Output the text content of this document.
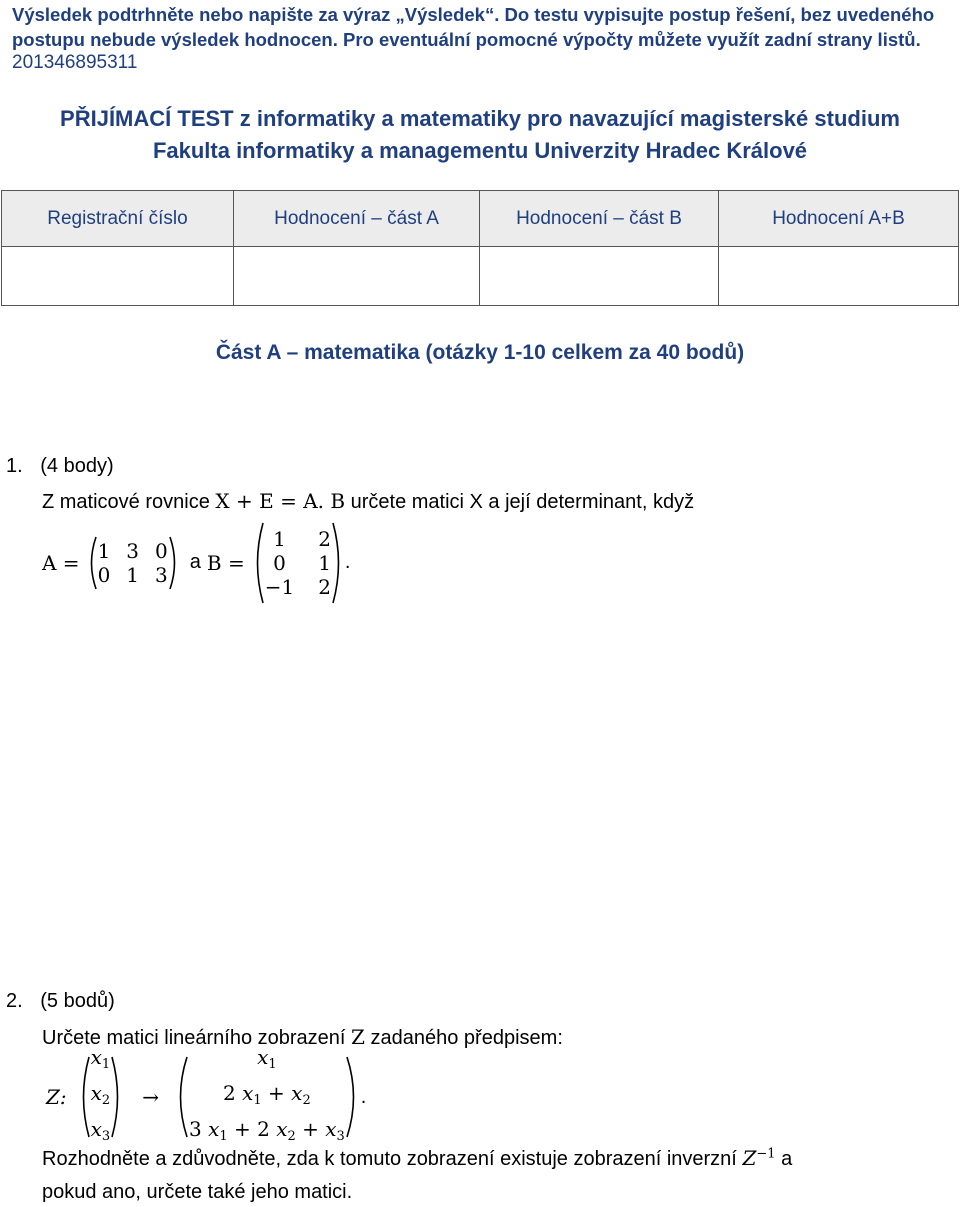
Výsledek podtrhněte nebo napište za výraz „Výsledek“. Do testu vypisujte postup řešení, bez uvedeného postupu nebude výsledek hodnocen. Pro eventuální pomocné výpočty můžete využít zadní strany listů.
201346895311
PŘIJÍMACÍ TEST z informatiky a matematiky pro navazující magisterské studium
Fakulta informatiky a managementu Univerzity Hradec Králové
Registrační číslo	Hodnocení – část A	Hodnocení – část B	Hodnocení A+B

Část A – matematika (otázky 1-10 celkem za 40 bodů)
1. (4 body)
Z maticové rovnice X + E = A. B určete matici X a její determinant, když
A = 1 3 0
0 1 3
a B =
1	2
0	1
−1 2
.
2. (5 bodů)
Určete matici lineárního zobrazení Z zadaného předpisem:
Z:
$x_1$
$x_2$
$x_3$
→
$x_1$
2 $x_1 + x_2$
3 $x_1 + 2$ $x_2 + x_3$
.
Rozhodněte a zdůvodněte, zda k tomuto zobrazení existuje zobrazení inverzní $Z^{-1}$ a
pokud ano, určete také jeho matici.
